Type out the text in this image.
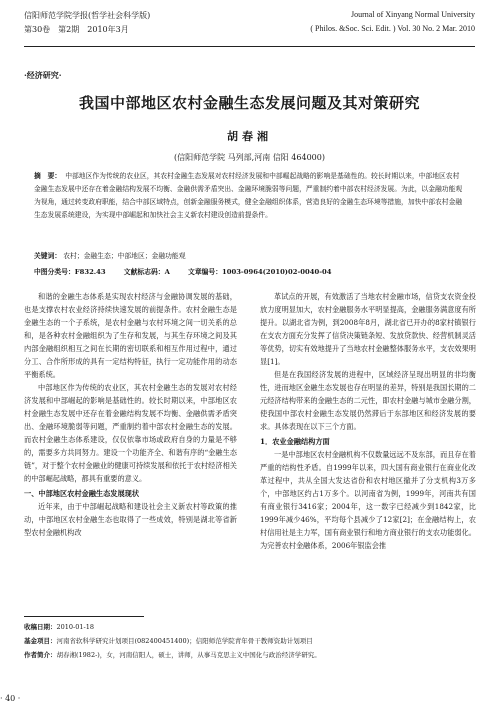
信阳师范学院学报(哲学社会科学版)
第30卷　第2期　2010年3月
Journal of Xinyang Normal University
( Philos. &Soc. Sci. Edit. ) Vol. 30 No. 2 Mar. 2010
·经济研究·
我国中部地区农村金融生态发展问题及其对策研究
胡春湘
(信阳师范学院 马列部,河南 信阳 464000)
摘　要： 中部地区作为传统的农业区，其农村金融生态发展对农村经济发展和中部崛起战略的影响是基础性的。较长时期以来，中部地区农村金融生态发展中还存在着金融结构发展不均衡、金融供需矛盾突出、金融环境脆弱等问题，严重制约着中部农村经济发展。为此，以金融功能观为视角，通过转变政府职能，结合中部区域特点，创新金融服务模式，健全金融组织体系，营造良好的金融生态环境等措施，加快中部农村金融生态发展系统建设，为实现中部崛起和加快社会主义新农村建设创造前提条件。
关键词： 农村；金融生态；中部地区；金融功能观
中图分类号：F832.43	文献标志码：A	文章编号：1003-0964(2010)02-0040-04

和谐的金融生态体系是实现农村经济与金融协调发展的基础，也是支撑农村农业经济持续快速发展的前提条件。农村金融生态是金融生态的一个子系统，是农村金融与农村环境之间一切关系的总和，是各种农村金融组织为了生存和发展，与其生存环境之间及其内部金融组织相互之间在长期的密切联系和相互作用过程中，通过分工、合作所形成的具有一定结构特征，执行一定功能作用的动态平衡系统。

中部地区作为传统的农业区，其农村金融生态的发展对农村经济发展和中部崛起的影响是基础性的。较长时期以来，中部地区农村金融生态发展中还存在着金融结构发展不均衡、金融供需矛盾突出、金融环境脆弱等问题，严重制约着中部农村金融生态的发展。而农村金融生态体系建设，仅仅依靠市场或政府自身的力量是不够的，需要多方共同努力。建设一个功能齐全、和谐有序的“金融生态链”，对于整个农村金融业的健康可持续发展和依托于农村经济相关的中部崛起战略，都具有重要的意义。

一、中部地区农村金融生态发展现状

近年来，由于中部崛起战略和建设社会主义新农村等政策的推动，中部地区农村金融生态也取得了一些成效，特别是湖北等省新型农村金融机构改

革试点的开展，有效激活了当地农村金融市场，信贷支农资金投放力度明显加大，农村金融服务水平明显提高，金融服务满意度有所提升。以湖北省为例，到2008年8月，湖北省已开办的8家村镇银行在支农方面充分发挥了信贷决策链条短、发放贷款快、经营机制灵活等优势，切实有效地提升了当地农村金融整体服务水平，支农效果明显[1]。

但是在我国经济发展的进程中，区域经济呈现出明显的非均衡性，进而地区金融生态发展也存在明显的差异，特别是我国长期的二元经济结构带来的金融生态的二元性，即农村金融与城市金融分割，使我国中部农村金融生态发展仍然滞后于东部地区和经济发展的要求。具体表现在以下三个方面。

1．农业金融结构方面

一是中部地区农村金融机构不仅数量远远不及东部，而且存在着严重的结构性矛盾。自1999年以来，四大国有商业银行在商业化改革过程中，共从全国大发达省份和农村地区撤并了分支机构3万多个，中部地区约占1万多个。以河南省为例，1999年，河南共有国有商业银行3416家；2004年，这一数字已经减少到1842家，比1999年减少46%，平均每个县减少了12家[2]；在金融结构上，农村信用社是主力军，国有商业银行和地方商业银行的支农功能弱化。为完善农村金融体系，2006年银监会推

收稿日期：2010-01-18
基金项目：河南省软科学研究计划项目(082400451400)；信阳师范学院青年骨干教师资助计划项目
作者简介：胡春湘(1982-)，女，河南信阳人，硕士，讲师，从事马克思主义中国化与政治经济学研究。
· 40 ·
